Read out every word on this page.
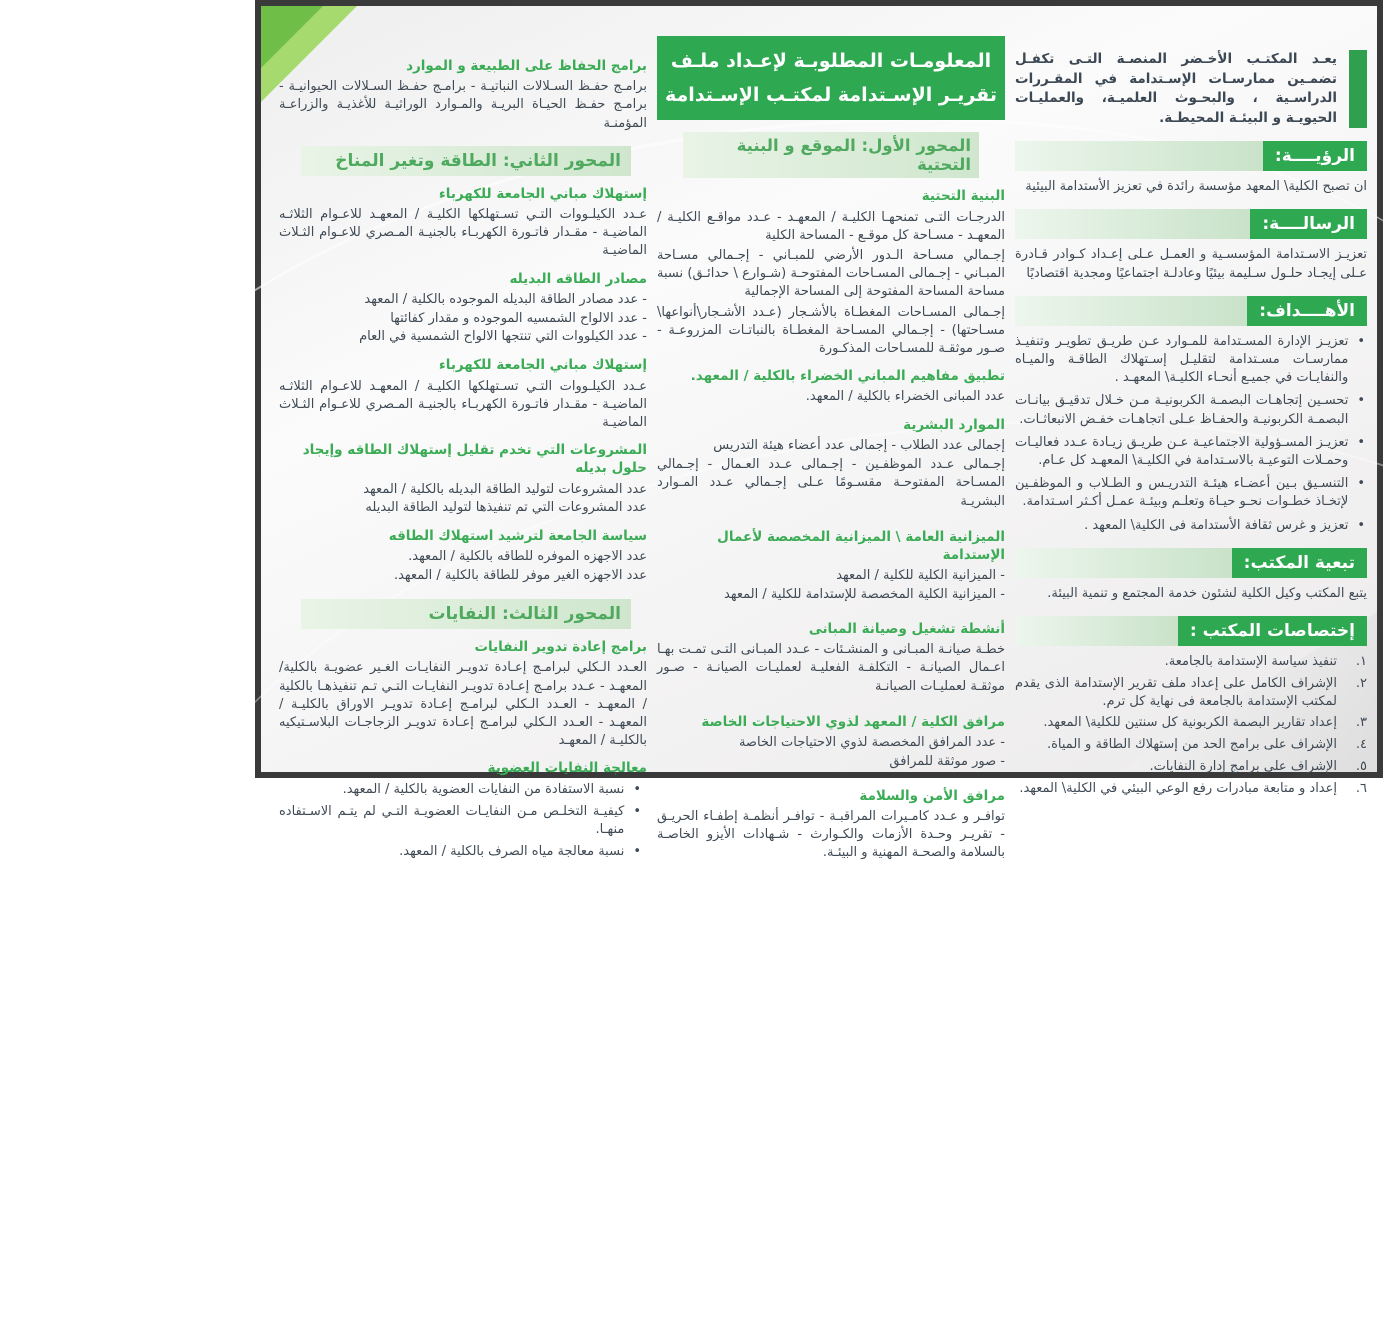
يعـد المكتـب الأخـضر المنصـة التـى تكفـل تضمـين ممارسـات الإسـتدامة في المقـررات الدراسـية ، والبحـوث العلميـة، والعمليـات الحيويـة و البيئـة المحيطـة.

الرؤيــــة:

ان تصبح الكلية\ المعهد مؤسسة رائدة في تعزيز الأستدامة البيئية

الرسالــــة:

تعزيـز الاسـتدامة المؤسسـية و العمـل عـلى إعـداد كـوادر قـادرة عـلى إيجـاد حلـول سـليمة بيئيًا وعادلـة اجتماعيًا ومجدية اقتصاديًا

الأهــــداف:
•
تعزيـز الإدارة المسـتدامة للمـوارد عـن طريـق تطويـر وتنفيـذ ممارسـات مسـتدامة لتقليـل إسـتهلاك الطاقـة والميـاه والنفايـات في جميـع أنحـاء الكليـة\ المعهـد .
•
تحسـين إتجاهـات البصمـة الكربونيـة مـن خـلال تدقيـق بيانـات البصمـة الكربونيـة والحفـاظ عـلى اتجاهـات خفـض الانبعاثـات.
•
تعزيـز المسـؤولية الاجتماعيـة عـن طريـق زيـادة عـدد فعاليـات وحمـلات التوعيـة بالاسـتدامة في الكليـة\ المعهـد كل عـام.
•
التنسـيق بـين أعضـاء هيئـة التدريـس و الطـلاب و الموظفـين لإتخـاذ خطـوات نحـو حيـاة وتعلـم وبيئـة عمـل أكـثر اسـتدامة.
•
تعزيز و غرس ثقافة الأستدامة فى الكلية\ المعهد .
تبعية المكتب:

يتبع المكتب وكيل الكلية لشئون خدمة المجتمع و تنمية البيئة.

إختصاصات المكتب :
١.
تنفيذ سياسة الإستدامة بالجامعة.
٢.
الإشراف الكامل على إعداد ملف تقرير الإستدامة الذى يقدم لمكتب الإستدامة بالجامعة فى نهاية كل ترم.
٣.
إعداد تقارير البصمة الكربونية كل سنتين للكلية\ المعهد.
٤.
الإشراف على برامج الحد من إستهلاك الطاقة و المياة.
٥.
الإشراف على برامج إدارة النفايات.
٦.
إعداد و متابعة مبادرات رفع الوعي البيئي في الكلية\ المعهد.
المعلومـات المطلوبـة لإعـداد ملـف تقريـر الإسـتدامة لمكتـب الإسـتدامة
المحور الأول: الموقع و البنية التحتية
البنية التحتية

الدرجـات التـى تمنحهـا الكليـة / المعهـد - عـدد مواقـع الكليـة / المعهـد - مسـاحة كل موقـع - المساحة الكلية

إجـمالي مسـاحة الـدور الأرضي للمبـاني - إجـمالي مسـاحة المبـاني - إجـمالى المسـاحات المفتوحـة (شـوارع \ حدائـق) نسبة مساحة المساحة المفتوحة إلى المساحة الإجمالية

إجـمالى المسـاحات المغطـاة بالأشـجار (عـدد الأشـجار\أنواعها\ مسـاحتها) - إجـمالي المسـاحة المغطـاة بالنباتـات المزروعـة - صـور موثقـة للمسـاحات المذكـورة

تطبيق مفاهيم المباني الخضراء بالكلية / المعهد.

عدد المبانى الخضراء بالكلية / المعهد.

الموارد البشرية

إجمالى عدد الطلاب - إجمالى عدد أعضاء هيئة التدريس

إجـمالى عـدد الموظفـين - إجـمالى عـدد العـمال - إجـمالي المسـاحة المفتوحـة مقسـومًا عـلى إجـمالي عـدد المـوارد البشريـة

الميزانية العامة \ الميزانية المخصصة لأعمال الإستدامة

- الميزانية الكلية للكلية / المعهد

- الميزانية الكلية المخصصة للإستدامة للكلية / المعهد

أنشطة تشغيل وصيانة المبانى

خطـة صيانـة المبـانى و المنشـئات - عـدد المبـانى التـى تمـت بهـا اعـمال الصيانـة - التكلفـة الفعليـة لعمليـات الصيانـة - صـور موثقـة لعمليـات الصيانـة

مرافق الكلية / المعهد لذوي الاحتياجات الخاصة

- عدد المرافق المخصصة لذوي الاحتياجات الخاصة

- صور موثقة للمرافق

مرافق الأمن والسلامة

توافـر و عـدد كامـيرات المراقبـة - توافـر أنظمـة إطفـاء الحريـق - تقريـر وحـدة الأزمات والكـوارث - شـهادات الأيزو الخاصـة بالسلامة والصحـة المهنية و البيئـة.

برامج الحفاظ على الطبيعة و الموارد

برامـج حفـظ السـلالات النباتيـة - برامـج حفـظ السـلالات الحيوانيـة - برامـج حفـظ الحيـاة البريـة والمـوارد الوراثيـة للأغذيـة والزراعـة المؤمنـة

المحور الثاني: الطاقة وتغير المناخ
إستهلاك مباني الجامعة للكهرباء

عـدد الكيلـووات التـي تسـتهلكها الكليـة / المعهـد للاعـوام الثلاثـه الماضيـة - مقـدار فاتـورة الكهربـاء بالجنيـة المـصري للاعـوام الثـلاث الماضيـة

مصادر الطاقه البديله

- عدد مصادر الطاقة البديله الموجوده بالكلية / المعهد

- عدد الالواح الشمسيه الموجوده و مقدار كفائتها

- عدد الكيلووات التي تنتجها الالواح الشمسية في العام

إستهلاك مباني الجامعة للكهرباء

عـدد الكيلـووات التـي تسـتهلكها الكليـة / المعهـد للاعـوام الثلاثـه الماضيـة - مقـدار فاتـورة الكهربـاء بالجنيـة المـصري للاعـوام الثـلاث الماضيـة

المشروعات التي تخدم تقليل إستهلاك الطاقه وإيجاد حلول بديله

عدد المشروعات لتوليد الطاقة البديله بالكلية / المعهد

عدد المشروعات التي تم تنفيذها لتوليد الطاقة البديله

سياسة الجامعة لترشيد استهلاك الطاقه

عدد الاجهزه الموفره للطاقه بالكلية / المعهد.

عدد الاجهزه الغير موفر للطاقة بالكلية / المعهد.

المحور الثالث: النفايات
برامج إعادة تدوير النفايات

العـدد الـكلي لبرامـج إعـادة تدويـر النفايـات الغـير عضويـة بالكلية/ المعهـد - عـدد برامـج إعـادة تدويـر النفايـات التـي تـم تنفيذهـا بالكلية / المعهـد - العـدد الـكلي لبرامـج إعـادة تدويـر الاوراق بالكليـة / المعهـد - العـدد الـكلي لبرامـج إعـادة تدويـر الزجاجـات البلاسـتيكيه بالكليـة / المعهـد

معالجة النفايات العضوية
•
نسبة الاستفادة من النفايات العضوية بالكلية / المعهد.
•
كيفيـة التخلـص مـن النفايـات العضويـة التـي لم يتـم الاسـتفاده منهـا.
•
نسبة معالجة مياه الصرف بالكلية / المعهد.
